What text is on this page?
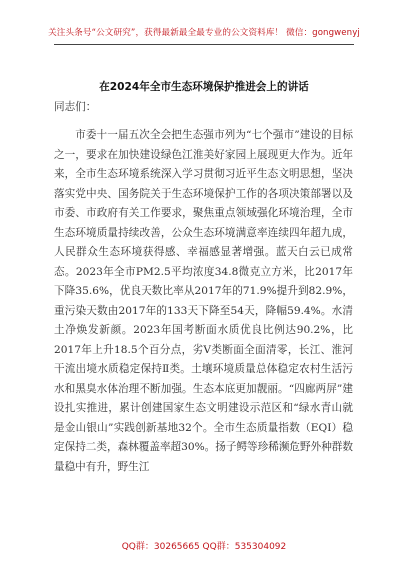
关注头条号“公文研究”，获得最新最全最专业的公文资料库！ 微信：gongwenyj
在2024年全市生态环境保护推进会上的讲话
同志们：
市委十一届五次全会把生态强市列为“七个强市”建设的目标之一，要求在加快建设绿色江淮美好家园上展现更大作为。近年来，全市生态环境系统深入学习贯彻习近平生态文明思想，坚决落实党中央、国务院关于生态环境保护工作的各项决策部署以及市委、市政府有关工作要求，聚焦重点领域强化环境治理，全市生态环境质量持续改善，公众生态环境满意率连续四年超九成，人民群众生态环境获得感、幸福感显著增强。蓝天白云已成常态。2023年全市PM2.5平均浓度34.8微克立方米，比2017年下降35.6%，优良天数比率从2017年的71.9%提升到82.9%，重污染天数由2017年的133天下降至54天，降幅59.4%。水清土净焕发新颜。2023年国考断面水质优良比例达90.2%，比2017年上升18.5个百分点，劣Ⅴ类断面全面清零，长江、淮河干流出境水质稳定保持Ⅱ类。土壤环境质量总体稳定农村生活污水和黑臭水体治理不断加强。生态本底更加靓丽。“四廊两屏”建设扎实推进，累计创建国家生态文明建设示范区和“绿水青山就是金山银山”实践创新基地32个。全市生态质量指数（EQI）稳定保持二类，森林覆盖率超30%。扬子鳄等珍稀濒危野外种群数量稳中有升，野生江
QQ群：30265665 QQ群：535304092
